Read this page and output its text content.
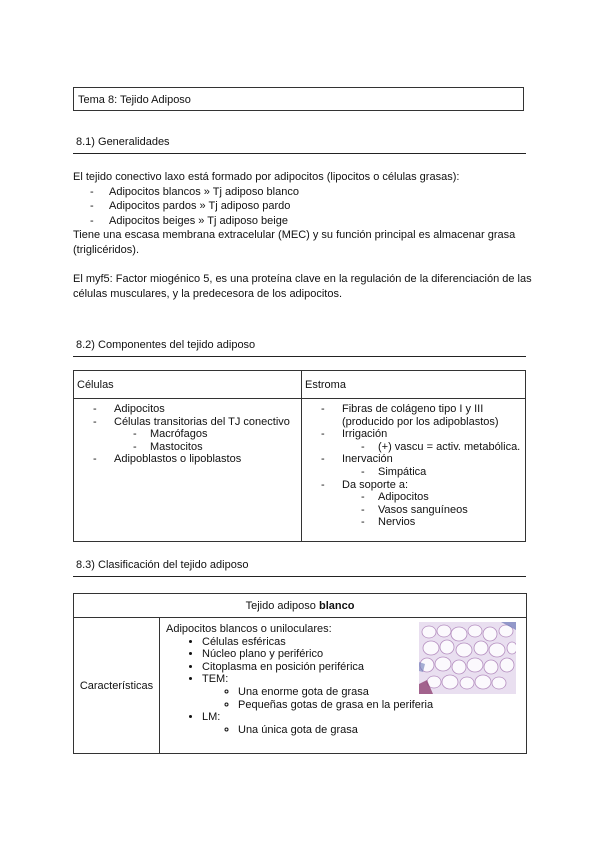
Tema 8: Tejido Adiposo
8.1) Generalidades

El tejido conectivo laxo está formado por adipocitos (lipocitos o células grasas):

- Adipocitos blancos » Tj adiposo blanco
- Adipocitos pardos » Tj adiposo pardo
- Adipocitos beiges » Tj adiposo beige

Tiene una escasa membrana extracelular (MEC) y su función principal es almacenar grasa (triglicéridos).

El myf5: Factor miogénico 5, es una proteína clave en la regulación de la diferenciación de las células musculares, y la predecesora de los adipocitos.

8.2) Componentes del tejido adiposo
Células	Estroma

- Adipocitos
- Células transitorias del TJ conectivo
- Macrófagos
- Mastocitos
- Adipoblastos o lipoblastos

- Fibras de colágeno tipo I y III (producido por los adipoblastos)
- Irrigación
- (+) vascu = activ. metabólica.
- Inervación
- Simpática
- Da soporte a:
- Adipocitos
- Vasos sanguíneos
- Nervios
8.3) Clasificación del tejido adiposo
Tejido adiposo blanco
Características	
Adipocitos blancos o uniloculares:
• Células esféricas
• Núcleo plano y periférico
• Citoplasma en posición periférica
• TEM:
◦ Una enorme gota de grasa
◦ Pequeñas gotas de grasa en la periferia
• LM:
◦ Una única gota de grasa
